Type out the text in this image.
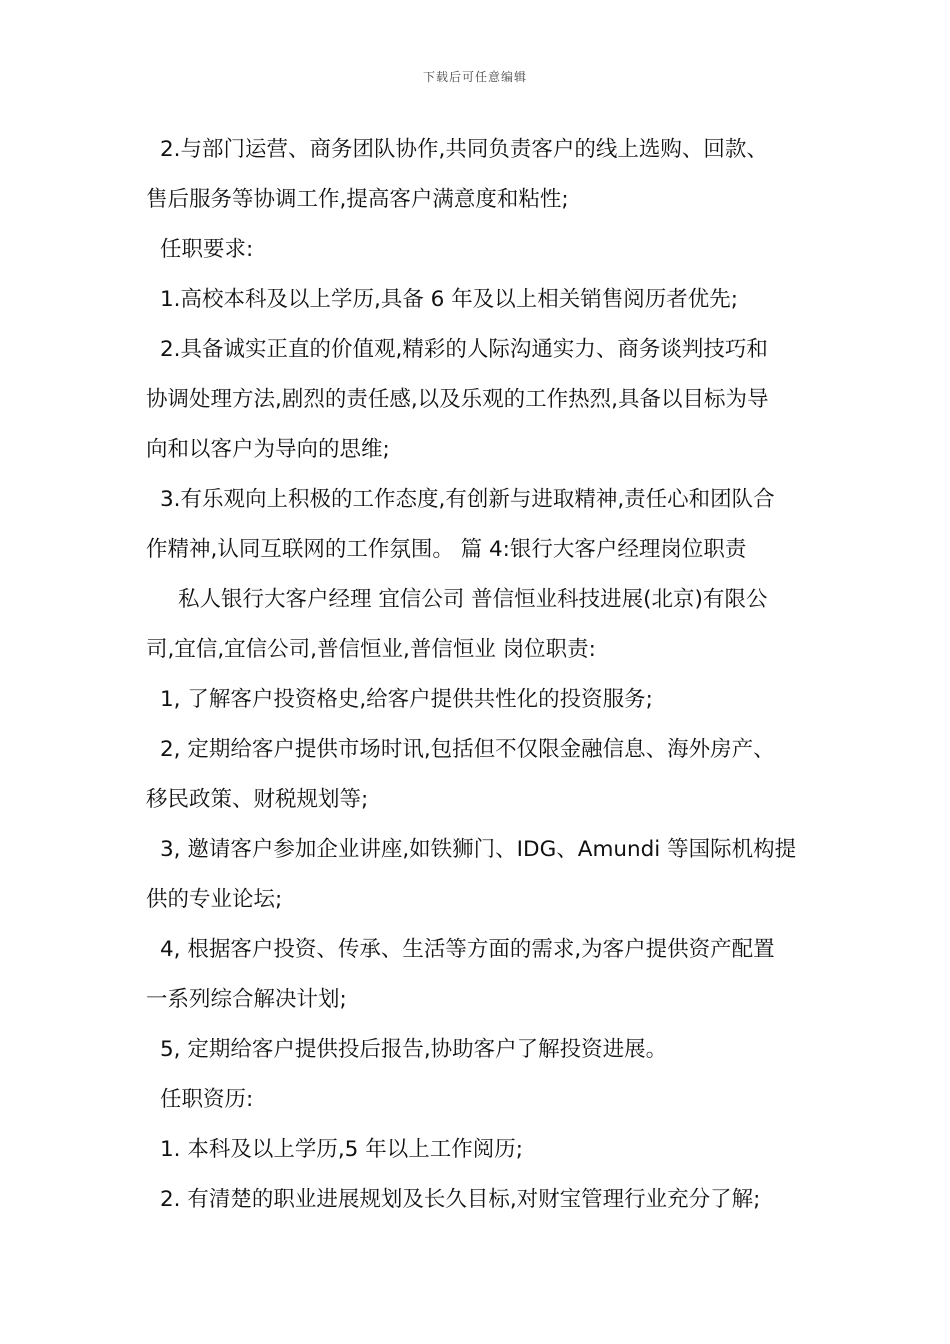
下载后可任意编辑
2.与部门运营、商务团队协作,共同负责客户的线上选购、回款、
售后服务等协调工作,提高客户满意度和粘性;
任职要求:
1.高校本科及以上学历,具备 6 年及以上相关销售阅历者优先;
2.具备诚实正直的价值观,精彩的人际沟通实力、商务谈判技巧和
协调处理方法,剧烈的责任感,以及乐观的工作热烈,具备以目标为导
向和以客户为导向的思维;
3.有乐观向上积极的工作态度,有创新与进取精神,责任心和团队合
作精神,认同互联网的工作氛围。 篇 4:银行大客户经理岗位职责
私人银行大客户经理 宜信公司 普信恒业科技进展(北京)有限公
司,宜信,宜信公司,普信恒业,普信恒业 岗位职责:
1, 了解客户投资格史,给客户提供共性化的投资服务;
2, 定期给客户提供市场时讯,包括但不仅限金融信息、海外房产、
移民政策、财税规划等;
3, 邀请客户参加企业讲座,如铁狮门、IDG、Amundi 等国际机构提
供的专业论坛;
4, 根据客户投资、传承、生活等方面的需求,为客户提供资产配置
一系列综合解决计划;
5, 定期给客户提供投后报告,协助客户了解投资进展。
任职资历:
1. 本科及以上学历,5 年以上工作阅历;
2. 有清楚的职业进展规划及长久目标,对财宝管理行业充分了解;
